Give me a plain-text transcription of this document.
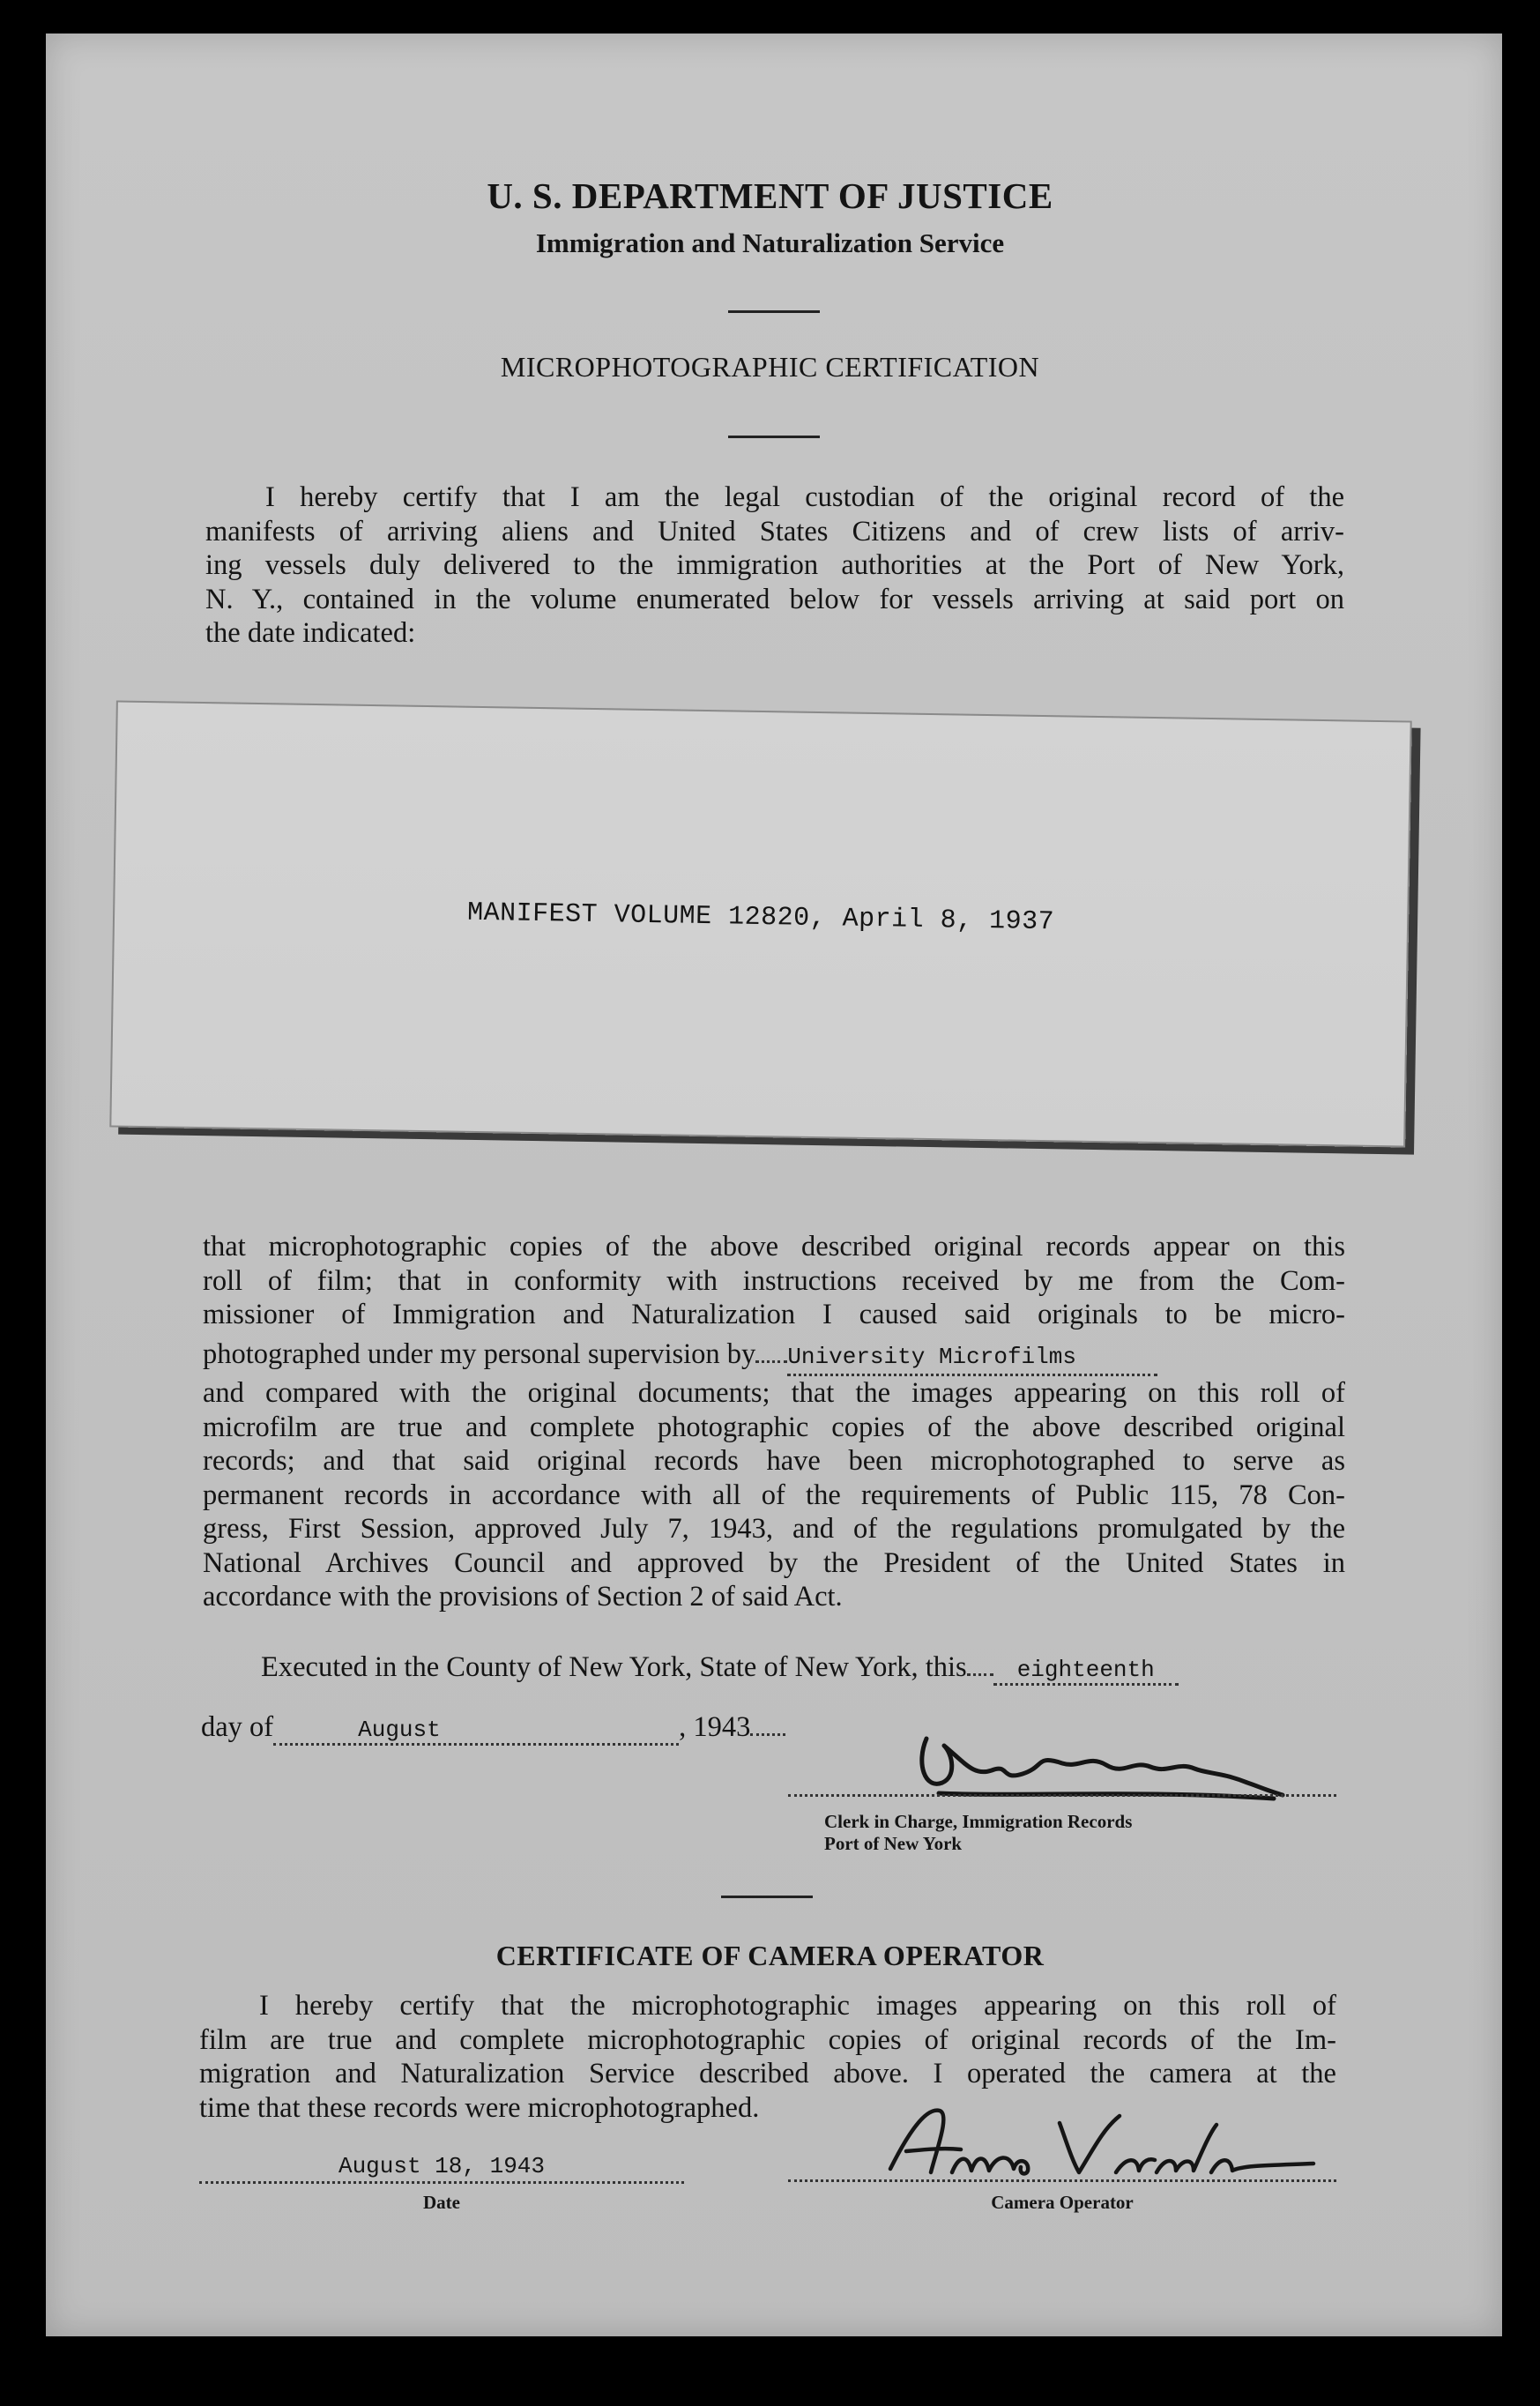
U. S. DEPARTMENT OF JUSTICE
Immigration and Naturalization Service
MICROPHOTOGRAPHIC CERTIFICATION
I hereby certify that I am the legal custodian of the original record of the
manifests of arriving aliens and United States Citizens and of crew lists of arriv-
ing vessels duly delivered to the immigration authorities at the Port of New York,
N. Y., contained in the volume enumerated below for vessels arriving at said port on
the date indicated:
MANIFEST VOLUME 12820, April 8, 1937
that microphotographic copies of the above described original records appear on this
roll of film; that in conformity with instructions received by me from the Com-
missioner of Immigration and Naturalization I caused said originals to be micro-
photographed under my personal supervision by University Microfilms
and compared with the original documents; that the images appearing on this roll of
microfilm are true and complete photographic copies of the above described original
records; and that said original records have been microphotographed to serve as
permanent records in accordance with all of the requirements of Public 115, 78 Con-
gress, First Session, approved July 7, 1943, and of the regulations promulgated by the
National Archives Council and approved by the President of the United States in
accordance with the provisions of Section 2 of said Act.
Executed in the County of New York, State of New York, this eighteenth
day of	August	, 1943
Clerk in Charge, Immigration Records
Port of New York
CERTIFICATE OF CAMERA OPERATOR
I hereby certify that the microphotographic images appearing on this roll of
film are true and complete microphotographic copies of original records of the Im-
migration and Naturalization Service described above. I operated the camera at the
time that these records were microphotographed.
August 18, 1943
Date	Camera Operator
